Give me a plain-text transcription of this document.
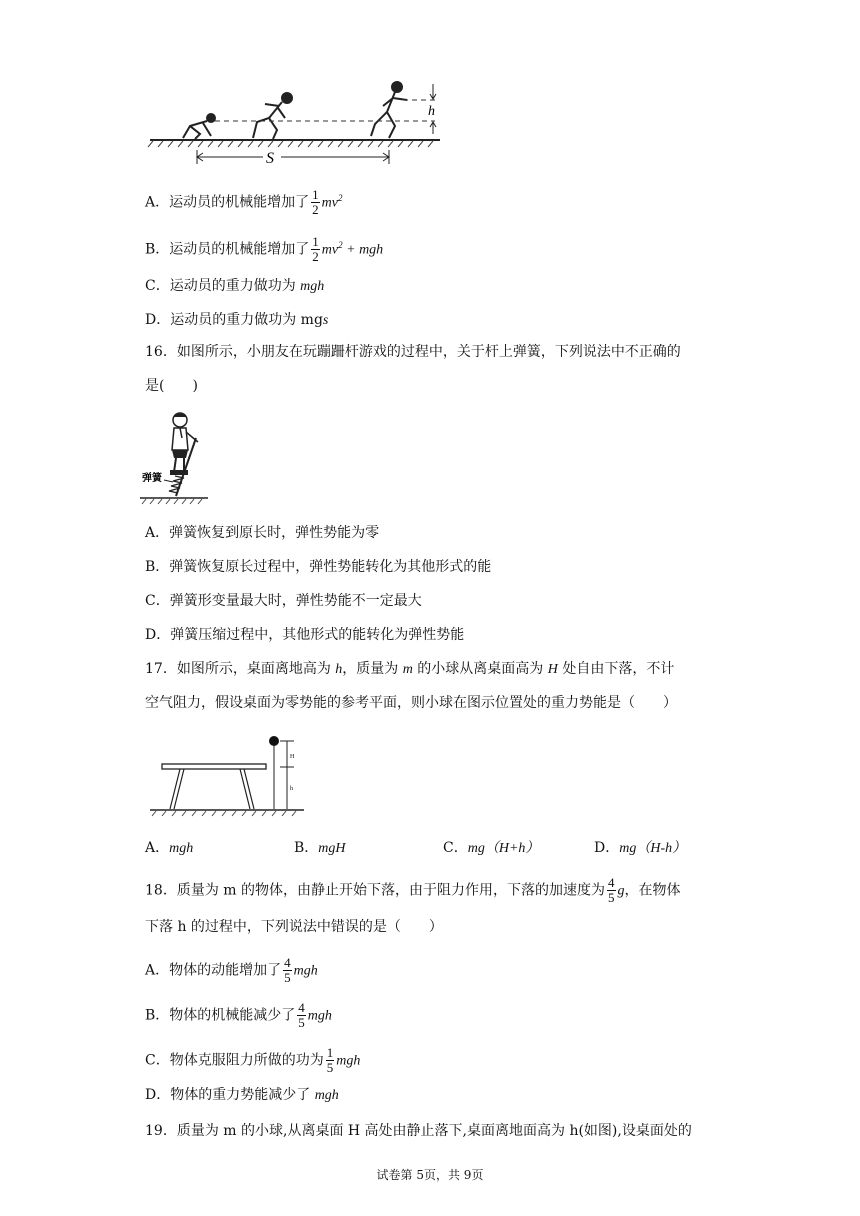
h
S
A．运动员的机械能增加了 $\frac{1}{2} mv^2$
B．运动员的机械能增加了 $\frac{1}{2} mv^2$ + mgh
C．运动员的重力做功为 mgh
D．运动员的重力做功为 mgs
16．如图所示，小朋友在玩蹦跚杆游戏的过程中，关于杆上弹簧，下列说法中不正确的
是(　　)
弹簧
A．弹簧恢复到原长时，弹性势能为零
B．弹簧恢复原长过程中，弹性势能转化为其他形式的能
C．弹簧形变量最大时，弹性势能不一定最大
D．弹簧压缩过程中，其他形式的能转化为弹性势能
17．如图所示，桌面离地高为 h，质量为 m 的小球从离桌面高为 H 处自由下落，不计
空气阻力，假设桌面为零势能的参考平面，则小球在图示位置处的重力势能是（　　）
H
h
A．mgh	B．mgH	C．mg（H+h）	D．mg（H-h）
18．质量为 m 的物体，由静止开始下落，由于阻力作用，下落的加速度为 $\frac{4}{5}$ g，在物体
下落 h 的过程中，下列说法中错误的是（　　）
A．物体的动能增加了 $\frac{4}{5}$ mgh
B．物体的机械能减少了 $\frac{4}{5}$ mgh
C．物体克服阻力所做的功为 $\frac{1}{5}$ mgh
D．物体的重力势能减少了 mgh
19．质量为 m 的小球,从离桌面 H 高处由静止落下,桌面离地面高为 h(如图),设桌面处的
试卷第 5页，共 9页
